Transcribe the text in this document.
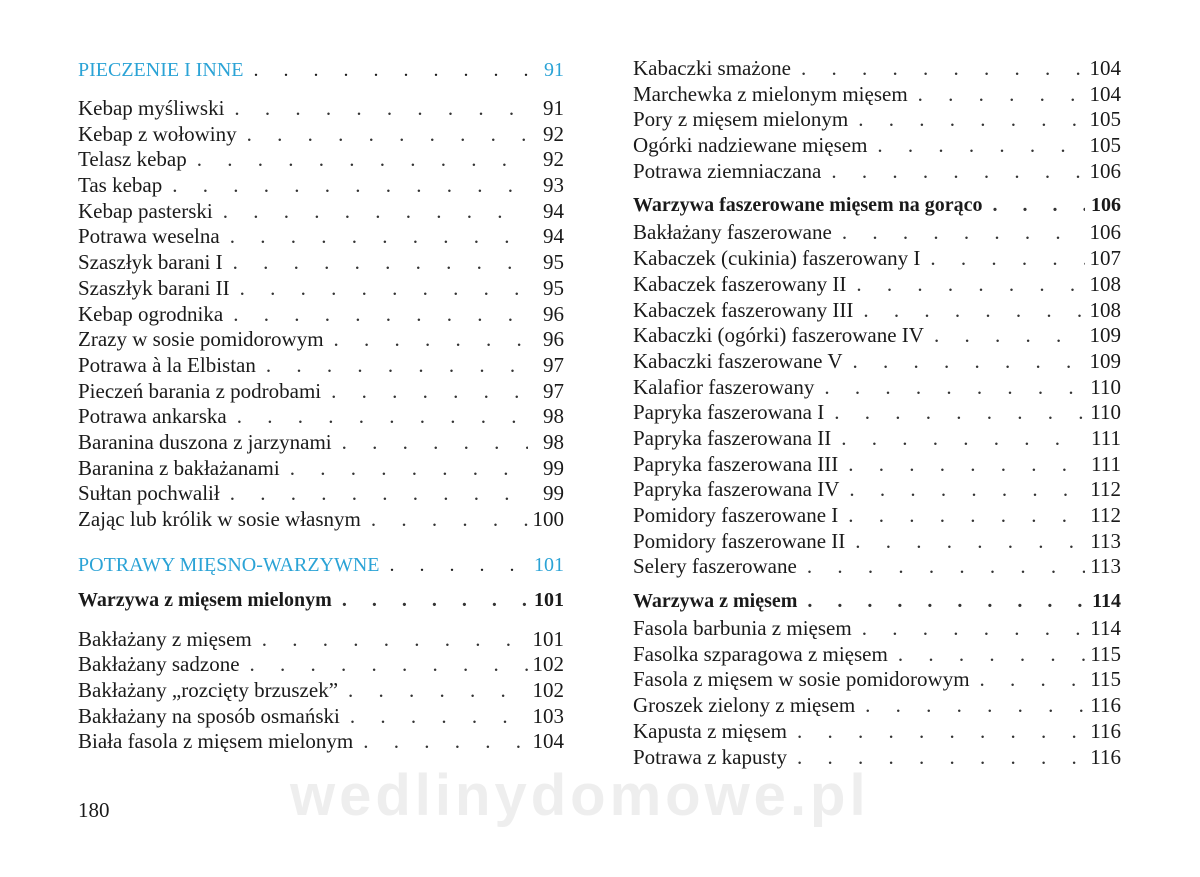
PIECZENIE I INNE . . .	91
Kebap myśliwski . . .	91
Kebap z wołowiny . . .	92
Telasz kebap . . .	92
Tas kebap . . .	93
Kebap pasterski . . .	94
Potrawa weselna . . .	94
Szaszłyk barani I . . .	95
Szaszłyk barani II . . .	95
Kebap ogrodnika . . .	96
Zrazy w sosie pomidorowym . . .	96
Potrawa à la Elbistan . . .	97
Pieczeń barania z podrobami . . .	97
Potrawa ankarska . . .	98
Baranina duszona z jarzynami . . .	98
Baranina z bakłażanami . . .	99
Sułtan pochwalił . . .	99
Zając lub królik w sosie własnym . . .	100
POTRAWY MIĘSNO-WARZYWNE . . .	101
Warzywa z mięsem mielonym . . .	101
Bakłażany z mięsem . . .	101
Bakłażany sadzone . . .	102
Bakłażany „rozcięty brzuszek” . . .	102
Bakłażany na sposób osmański . . .	103
Biała fasola z mięsem mielonym . . .	104
Kabaczki smażone . . .	104
Marchewka z mielonym mięsem . . .	104
Pory z mięsem mielonym . . .	105
Ogórki nadziewane mięsem . . .	105
Potrawa ziemniaczana . . .	106
Warzywa faszerowane mięsem na gorąco . . .	106
Bakłażany faszerowane . . .	106
Kabaczek (cukinia) faszerowany I . . .	107
Kabaczek faszerowany II . . .	108
Kabaczek faszerowany III . . .	108
Kabaczki (ogórki) faszerowane IV . . .	109
Kabaczki faszerowane V . . .	109
Kalafior faszerowany . . .	110
Papryka faszerowana I . . .	110
Papryka faszerowana II . . .	111
Papryka faszerowana III . . .	111
Papryka faszerowana IV . . .	112
Pomidory faszerowane I . . .	112
Pomidory faszerowane II . . .	113
Selery faszerowane . . .	113
Warzywa z mięsem . . .	114
Fasola barbunia z mięsem . . .	114
Fasolka szparagowa z mięsem . . .	115
Fasola z mięsem w sosie pomidorowym . . .	115
Groszek zielony z mięsem . . .	116
Kapusta z mięsem . . .	116
Potrawa z kapusty . . .	116
180	wedlinydomowe.pl
